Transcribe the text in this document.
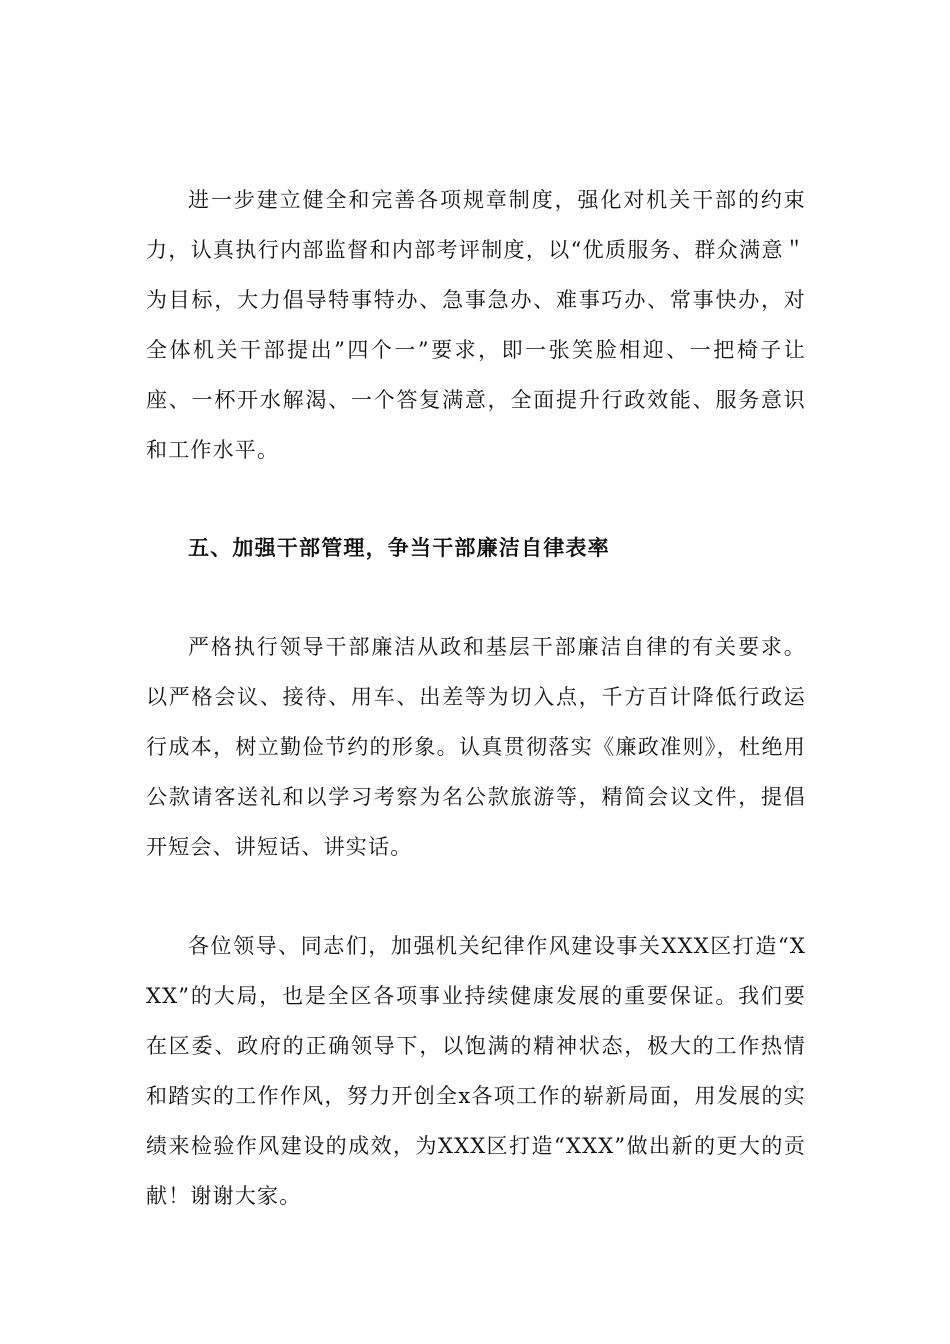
进一步建立健全和完善各项规章制度，强化对机关干部的约束力，认真执行内部监督和内部考评制度，以“优质服务、群众满意＂为目标，大力倡导特事特办、急事急办、难事巧办、常事快办，对全体机关干部提出”四个一”要求，即一张笑脸相迎、一把椅子让座、一杯开水解渴、一个答复满意，全面提升行政效能、服务意识和工作水平。

五、加强干部管理，争当干部廉洁自律表率

严格执行领导干部廉洁从政和基层干部廉洁自律的有关要求。以严格会议、接待、用车、出差等为切入点，千方百计降低行政运行成本，树立勤俭节约的形象。认真贯彻落实《廉政准则》，杜绝用公款请客送礼和以学习考察为名公款旅游等，精简会议文件，提倡开短会、讲短话、讲实话。

各位领导、同志们，加强机关纪律作风建设事关XXX区打造“XXX”的大局，也是全区各项事业持续健康发展的重要保证。我们要在区委、政府的正确领导下，以饱满的精神状态，极大的工作热情和踏实的工作作风，努力开创全x各项工作的崭新局面，用发展的实绩来检验作风建设的成效，为XXX区打造“XXX”做出新的更大的贡献！谢谢大家。
